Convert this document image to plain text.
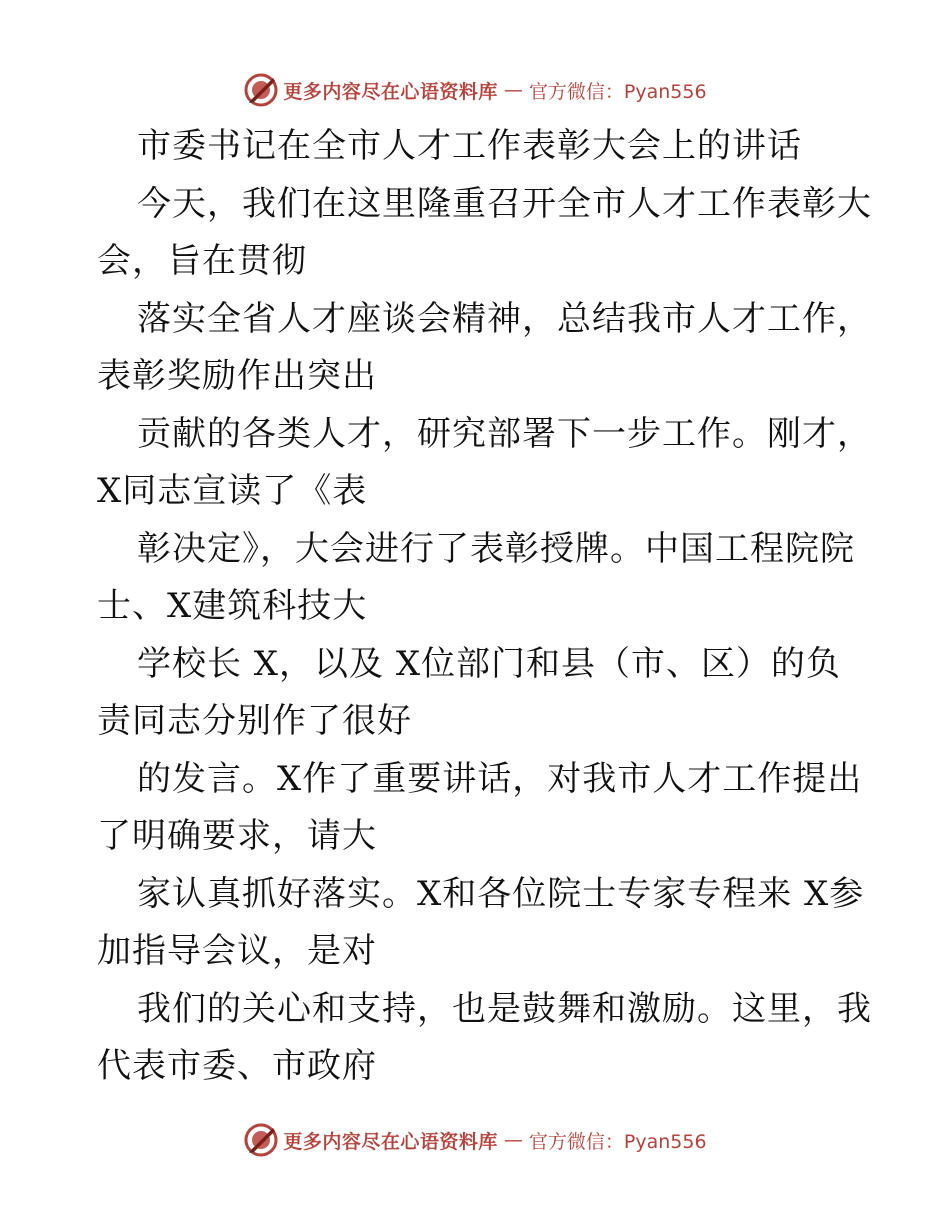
更多内容尽在心语资料库 — 官方微信：Pyan556
市委书记在全市人才工作表彰大会上的讲话
今天，我们在这里隆重召开全市人才工作表彰大
会，旨在贯彻
落实全省人才座谈会精神，总结我市人才工作，
表彰奖励作出突出
贡献的各类人才，研究部署下一步工作。刚才，
X同志宣读了《表
彰决定》，大会进行了表彰授牌。中国工程院院
士、X建筑科技大
学校长 X，以及 X位部门和县（市、区）的负
责同志分别作了很好
的发言。X作了重要讲话，对我市人才工作提出
了明确要求，请大
家认真抓好落实。X和各位院士专家专程来 X参
加指导会议，是对
我们的关心和支持，也是鼓舞和激励。这里，我
代表市委、市政府
更多内容尽在心语资料库 — 官方微信：Pyan556
